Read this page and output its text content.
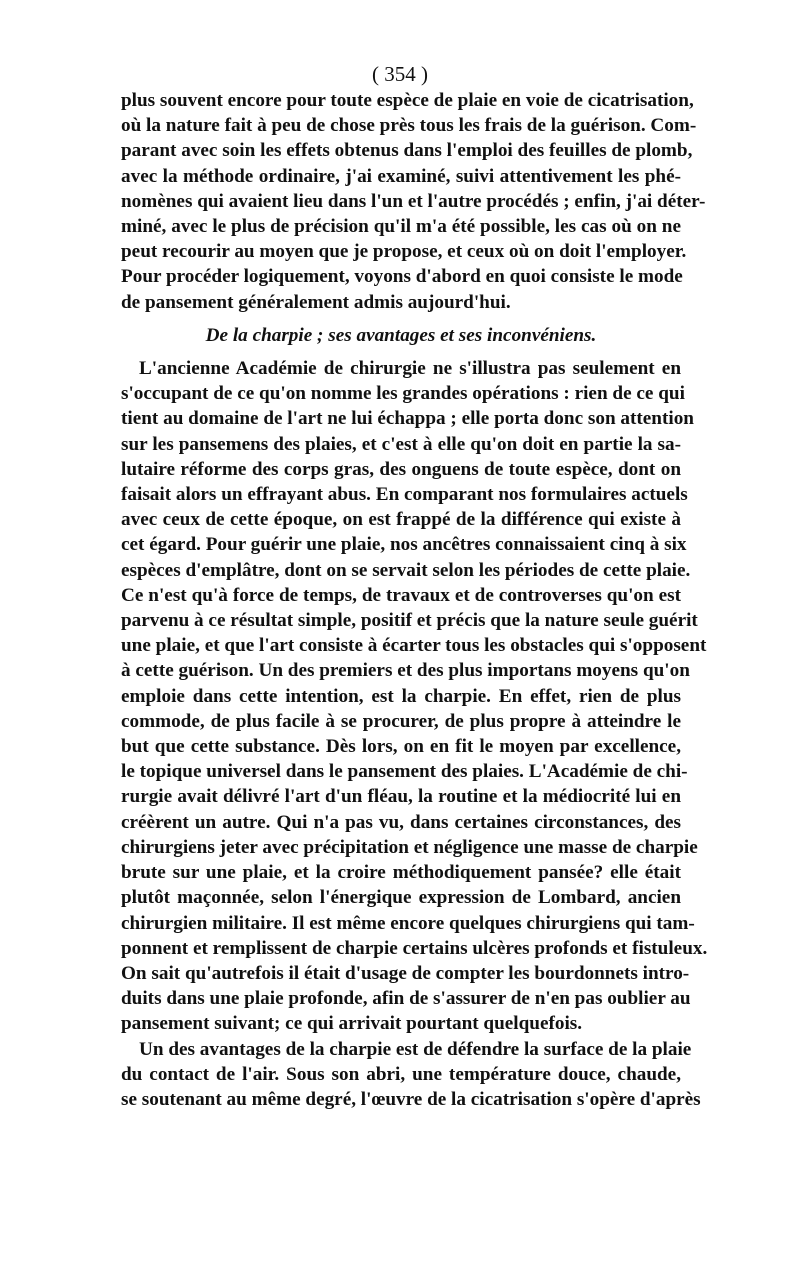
( 354 )
plus souvent encore pour toute espèce de plaie en voie de cicatrisation,
où la nature fait à peu de chose près tous les frais de la guérison. Com-
parant avec soin les effets obtenus dans l'emploi des feuilles de plomb,
avec la méthode ordinaire, j'ai examiné, suivi attentivement les phé-
nomènes qui avaient lieu dans l'un et l'autre procédés ; enfin, j'ai déter-
miné, avec le plus de précision qu'il m'a été possible, les cas où on ne
peut recourir au moyen que je propose, et ceux où on doit l'employer.
Pour procéder logiquement, voyons d'abord en quoi consiste le mode
de pansement généralement admis aujourd'hui.
De la charpie ; ses avantages et ses inconvéniens.
L'ancienne Académie de chirurgie ne s'illustra pas seulement en
s'occupant de ce qu'on nomme les grandes opérations : rien de ce qui
tient au domaine de l'art ne lui échappa ; elle porta donc son attention
sur les pansemens des plaies, et c'est à elle qu'on doit en partie la sa-
lutaire réforme des corps gras, des onguens de toute espèce, dont on
faisait alors un effrayant abus. En comparant nos formulaires actuels
avec ceux de cette époque, on est frappé de la différence qui existe à
cet égard. Pour guérir une plaie, nos ancêtres connaissaient cinq à six
espèces d'emplâtre, dont on se servait selon les périodes de cette plaie.
Ce n'est qu'à force de temps, de travaux et de controverses qu'on est
parvenu à ce résultat simple, positif et précis que la nature seule guérit
une plaie, et que l'art consiste à écarter tous les obstacles qui s'opposent
à cette guérison. Un des premiers et des plus importans moyens qu'on
emploie dans cette intention, est la charpie. En effet, rien de plus
commode, de plus facile à se procurer, de plus propre à atteindre le
but que cette substance. Dès lors, on en fit le moyen par excellence,
le topique universel dans le pansement des plaies. L'Académie de chi-
rurgie avait délivré l'art d'un fléau, la routine et la médiocrité lui en
créèrent un autre. Qui n'a pas vu, dans certaines circonstances, des
chirurgiens jeter avec précipitation et négligence une masse de charpie
brute sur une plaie, et la croire méthodiquement pansée? elle était
plutôt maçonnée, selon l'énergique expression de Lombard, ancien
chirurgien militaire. Il est même encore quelques chirurgiens qui tam-
ponnent et remplissent de charpie certains ulcères profonds et fistuleux.
On sait qu'autrefois il était d'usage de compter les bourdonnets intro-
duits dans une plaie profonde, afin de s'assurer de n'en pas oublier au
pansement suivant; ce qui arrivait pourtant quelquefois.
Un des avantages de la charpie est de défendre la surface de la plaie
du contact de l'air. Sous son abri, une température douce, chaude,
se soutenant au même degré, l'œuvre de la cicatrisation s'opère d'après
